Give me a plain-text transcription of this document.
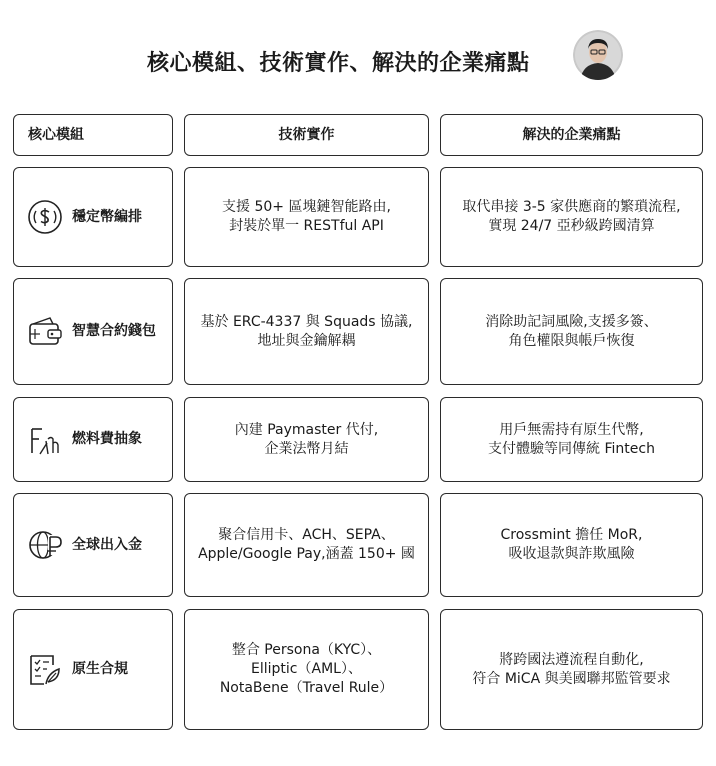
核心模組、技術實作、解決的企業痛點
核心模組	技術實作	解決的企業痛點
穩定幣編排
支援 50+ 區塊鏈智能路由,
封裝於單一 RESTful API
取代串接 3-5 家供應商的繁瑣流程,
實現 24/7 亞秒級跨國清算
智慧合約錢包
基於 ERC-4337 與 Squads 協議,
地址與金鑰解耦
消除助記詞風險,支援多簽、
角色權限與帳戶恢復
燃料費抽象
內建 Paymaster 代付,
企業法幣月結
用戶無需持有原生代幣,
支付體驗等同傳統 Fintech
全球出入金
聚合信用卡、ACH、SEPA、
Apple/Google Pay,涵蓋 150+ 國
Crossmint 擔任 MoR,
吸收退款與詐欺風險
原生合規
整合 Persona（KYC）、
Elliptic（AML）、
NotaBene（Travel Rule）
將跨國法遵流程自動化,
符合 MiCA 與美國聯邦監管要求
